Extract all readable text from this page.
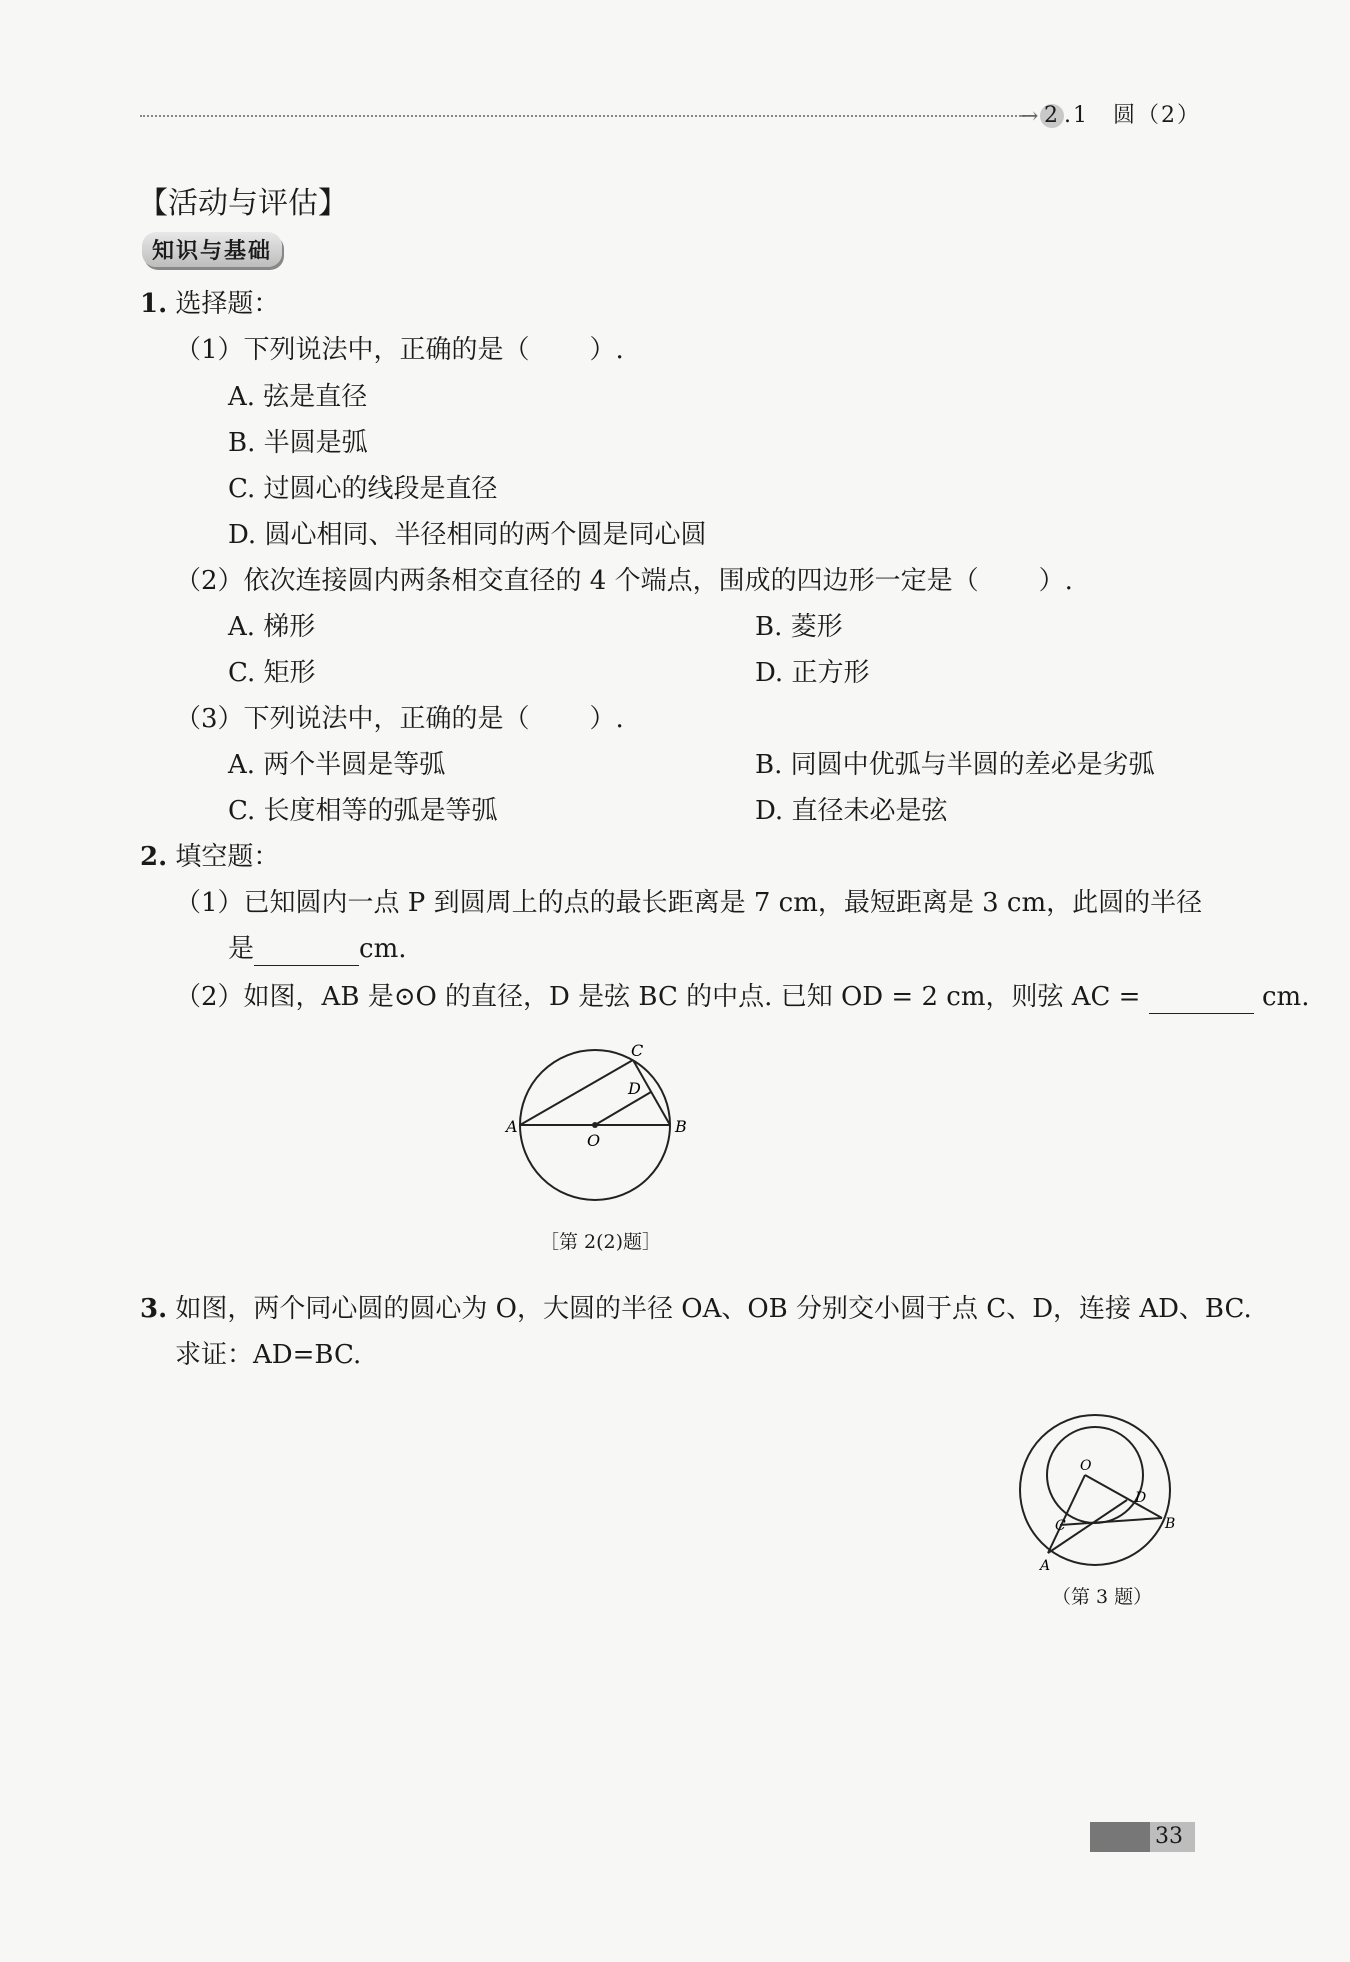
→ 2 .1　圆（2）
【活动与评估】
知识与基础
1. 选择题：
（1）下列说法中，正确的是（ ）.
A. 弦是直径
B. 半圆是弧
C. 过圆心的线段是直径
D. 圆心相同、半径相同的两个圆是同心圆
（2）依次连接圆内两条相交直径的 4 个端点，围成的四边形一定是（ ）.
A. 梯形	B. 菱形
C. 矩形	D. 正方形
（3）下列说法中，正确的是（ ）.
A. 两个半圆是等弧	B. 同圆中优弧与半圆的差必是劣弧
C. 长度相等的弧是等弧	D. 直径未必是弦
2. 填空题：
（1）已知圆内一点 P 到圆周上的点的最长距离是 7 cm，最短距离是 3 cm，此圆的半径
是	cm.
（2）如图，AB 是⊙O 的直径，D 是弦 BC 的中点. 已知 OD = 2 cm，则弦 AC =	cm.
A	B
C
D
O
［第 2(2)题］
3. 如图，两个同心圆的圆心为 O，大圆的半径 OA、OB 分别交小圆于点 C、D，连接 AD、BC.
求证：AD=BC.
O
A
B
C
D
（第 3 题）
33
